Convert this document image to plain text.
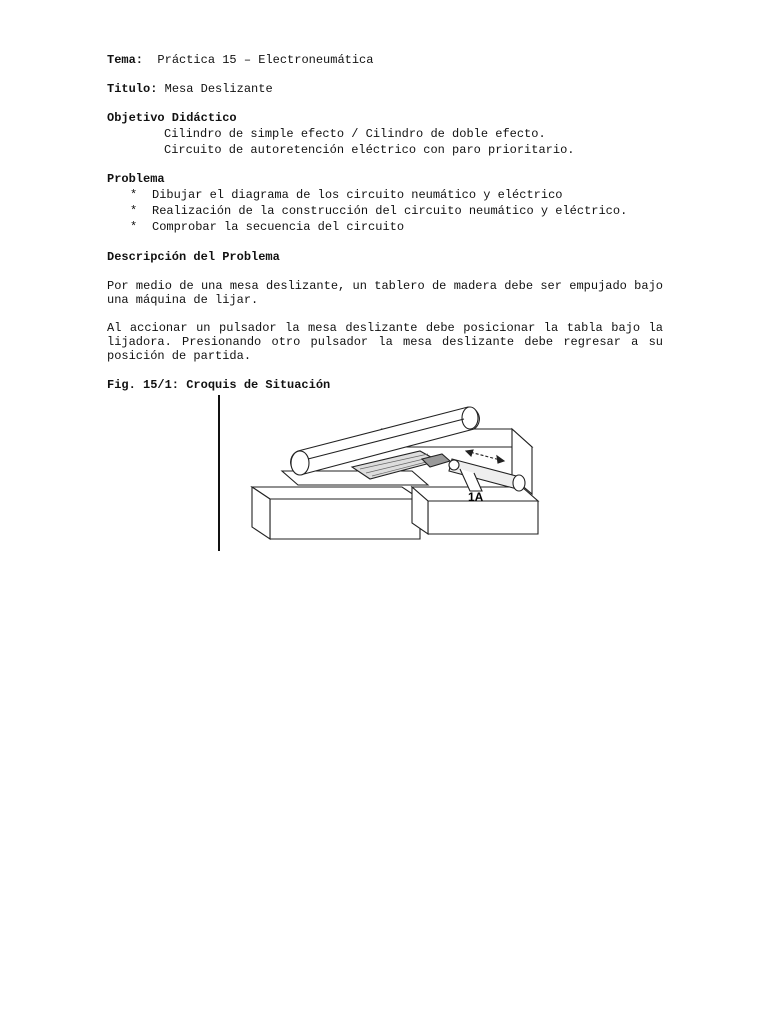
Tema: Práctica 15 – Electroneumática
Titulo: Mesa Deslizante
Objetivo Didáctico
Cilindro de simple efecto / Cilindro de doble efecto.
Circuito de autoretención eléctrico con paro prioritario.
Problema
*	Dibujar el diagrama de los circuito neumático y eléctrico
*	Realización de la construcción del circuito neumático y eléctrico.
*	Comprobar la secuencia del circuito
Descripción del Problema
Por medio de una mesa deslizante, un tablero de madera debe ser empujado bajo una máquina de lijar.
Al accionar un pulsador la mesa deslizante debe posicionar la tabla bajo la lijadora. Presionando otro pulsador la mesa deslizante debe regresar a su posición de partida.
Fig. 15/1: Croquis de Situación
1A
